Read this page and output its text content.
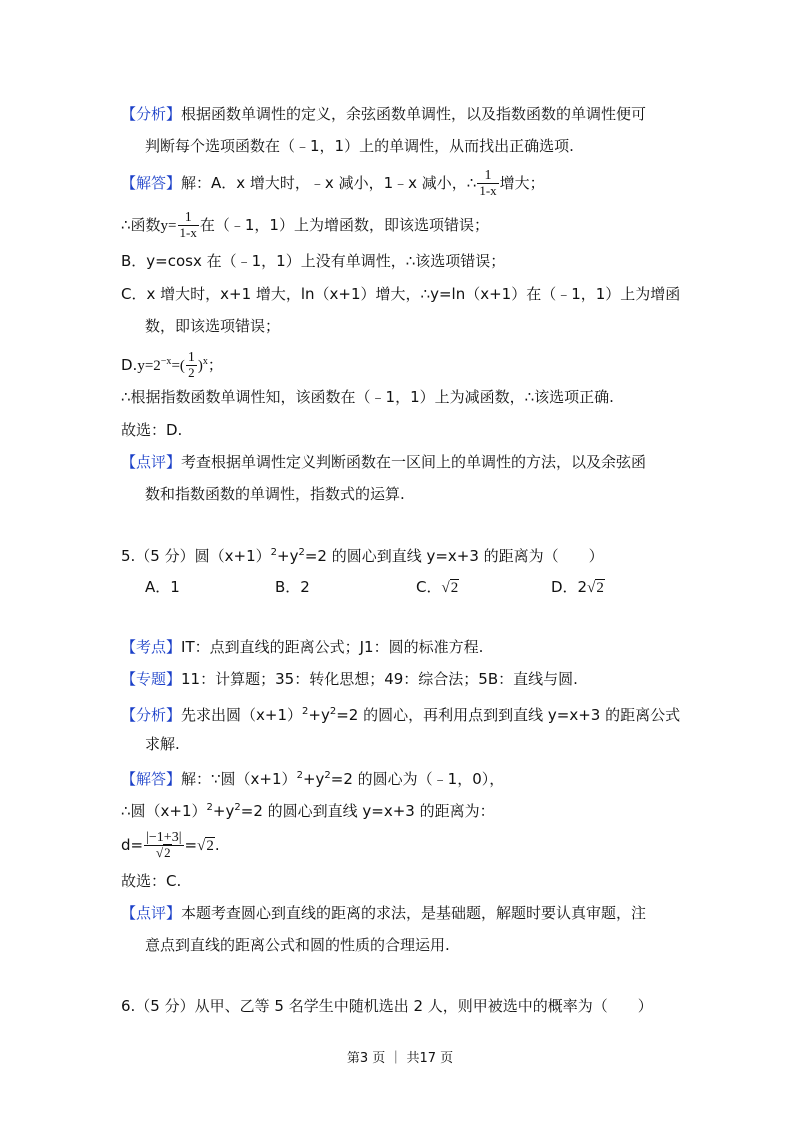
【分析】根据函数单调性的定义，余弦函数单调性，以及指数函数的单调性便可
判断每个选项函数在（﹣1，1）上的单调性，从而找出正确选项.
【解答】解：A．x 增大时，﹣x 减小，1﹣x 减小，∴ $\frac{1}{1-x}$ 增大；
∴函数$y= \frac{1}{1-x}$ 在（﹣1，1）上为增函数，即该选项错误；
B．y=cosx 在（﹣1，1）上没有单调性，∴该选项错误；
C．x 增大时，x+1 增大，ln（x+1）增大，∴y=ln（x+1）在（﹣1，1）上为增函
数，即该选项错误；
$D.y=2^{-x}=( \frac{1}{2} )^x$；
∴根据指数函数单调性知，该函数在（﹣1，1）上为减函数，∴该选项正确.
故选：D.
【点评】考查根据单调性定义判断函数在一区间上的单调性的方法，以及余弦函
数和指数函数的单调性，指数式的运算.
5.（5 分）圆$(x+1)^2+y^2=2$ 的圆心到直线 y=x+3 的距离为（　　）
A．1	B．2	C．√2	D．2√2
【考点】IT：点到直线的距离公式；J1：圆的标准方程.
【专题】11：计算题；35：转化思想；49：综合法；5B：直线与圆.
【分析】先求出圆$(x+1)^2+y^2=2$ 的圆心，再利用点到到直线 y=x+3 的距离公式
求解.
【解答】解：∵圆$(x+1)^2+y^2=2$ 的圆心为（﹣1，0），
∴圆$(x+1)^2+y^2=2$ 的圆心到直线 y=x+3 的距离为：
$d= \frac{|-1+3|}{√2} =√2$.
故选：C.
【点评】本题考查圆心到直线的距离的求法，是基础题，解题时要认真审题，注
意点到直线的距离公式和圆的性质的合理运用.
6.（5 分）从甲、乙等 5 名学生中随机选出 2 人，则甲被选中的概率为（　　）
第3 页 ｜ 共17 页
